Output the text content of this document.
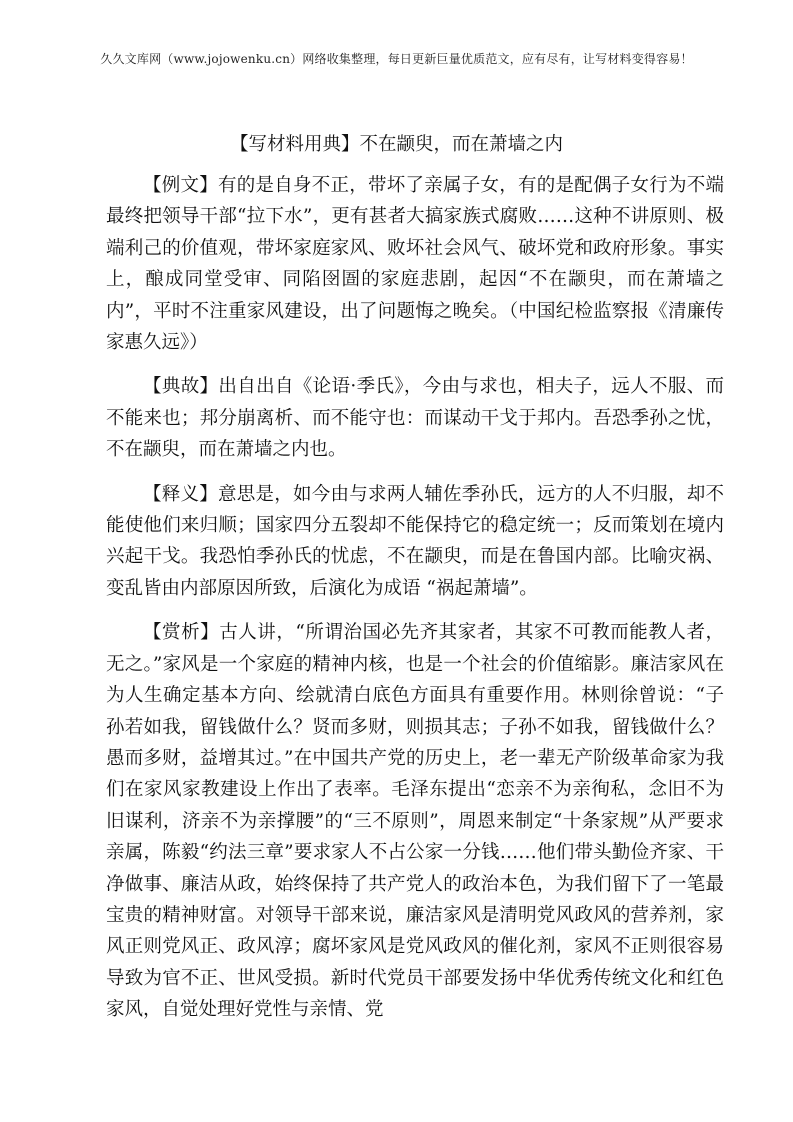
久久文库网（www.jojowenku.cn）网络收集整理，每日更新巨量优质范文，应有尽有，让写材料变得容易！
【写材料用典】不在颛臾，而在萧墙之内

【例文】有的是自身不正，带坏了亲属子女，有的是配偶子女行为不端最终把领导干部“拉下水”，更有甚者大搞家族式腐败……这种不讲原则、极端利己的价值观，带坏家庭家风、败坏社会风气、破坏党和政府形象。事实上，酿成同堂受审、同陷囹圄的家庭悲剧，起因“不在颛臾，而在萧墙之内”，平时不注重家风建设，出了问题悔之晚矣。（中国纪检监察报《清廉传家惠久远》）

【典故】出自出自《论语·季氏》，今由与求也，相夫子，远人不服、而不能来也；邦分崩离析、而不能守也：而谋动干戈于邦内。吾恐季孙之忧，不在颛臾，而在萧墙之内也。

【释义】意思是，如今由与求两人辅佐季孙氏，远方的人不归服，却不能使他们来归顺；国家四分五裂却不能保持它的稳定统一；反而策划在境内兴起干戈。我恐怕季孙氏的忧虑，不在颛臾，而是在鲁国内部。比喻灾祸、变乱皆由内部原因所致，后演化为成语 “祸起萧墙”。

【赏析】古人讲，“所谓治国必先齐其家者，其家不可教而能教人者，无之。”家风是一个家庭的精神内核，也是一个社会的价值缩影。廉洁家风在为人生确定基本方向、绘就清白底色方面具有重要作用。林则徐曾说：“子孙若如我，留钱做什么？贤而多财，则损其志；子孙不如我，留钱做什么？愚而多财，益增其过。”在中国共产党的历史上，老一辈无产阶级革命家为我们在家风家教建设上作出了表率。毛泽东提出“恋亲不为亲徇私，念旧不为旧谋利，济亲不为亲撑腰”的“三不原则”，周恩来制定“十条家规”从严要求亲属，陈毅“约法三章”要求家人不占公家一分钱……他们带头勤俭齐家、干净做事、廉洁从政，始终保持了共产党人的政治本色，为我们留下了一笔最宝贵的精神财富。对领导干部来说，廉洁家风是清明党风政风的营养剂，家风正则党风正、政风淳；腐坏家风是党风政风的催化剂，家风不正则很容易导致为官不正、世风受损。新时代党员干部要发扬中华优秀传统文化和红色家风，自觉处理好党性与亲情、党
